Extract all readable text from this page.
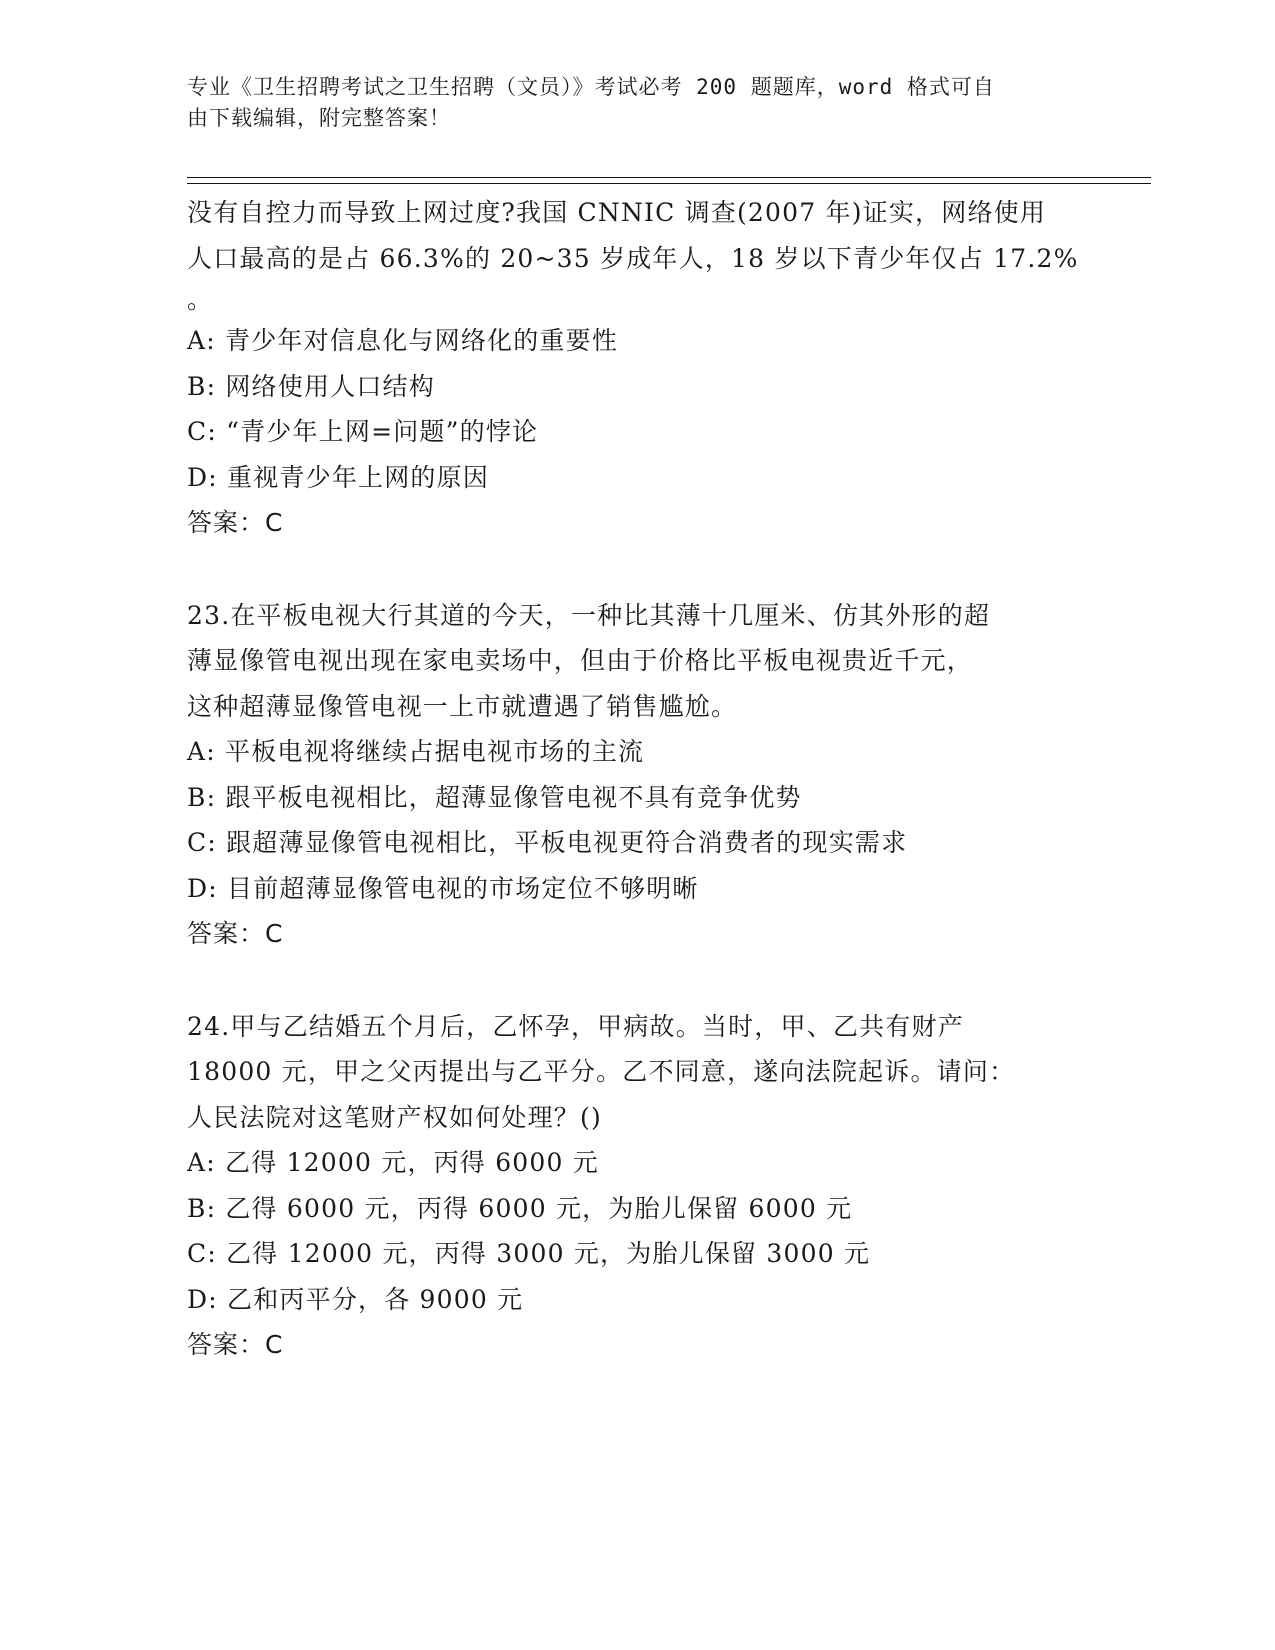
专业《卫生招聘考试之卫生招聘（文员）》考试必考 200 题题库，word 格式可自
由下载编辑，附完整答案！
没有自控力而导致上网过度?我国 CNNIC 调查(2007 年)证实，网络使用
人口最高的是占 66.3%的 20~35 岁成年人，18 岁以下青少年仅占 17.2%
。
A: 青少年对信息化与网络化的重要性
B: 网络使用人口结构
C: “青少年上网=问题”的悖论
D: 重视青少年上网的原因
答案：C
23.在平板电视大行其道的今天，一种比其薄十几厘米、仿其外形的超
薄显像管电视出现在家电卖场中，但由于价格比平板电视贵近千元，
这种超薄显像管电视一上市就遭遇了销售尴尬。
A: 平板电视将继续占据电视市场的主流
B: 跟平板电视相比，超薄显像管电视不具有竞争优势
C: 跟超薄显像管电视相比，平板电视更符合消费者的现实需求
D: 目前超薄显像管电视的市场定位不够明晰
答案：C
24.甲与乙结婚五个月后，乙怀孕，甲病故。当时，甲、乙共有财产
18000 元，甲之父丙提出与乙平分。乙不同意，遂向法院起诉。请问：
人民法院对这笔财产权如何处理？()
A: 乙得 12000 元，丙得 6000 元
B: 乙得 6000 元，丙得 6000 元，为胎儿保留 6000 元
C: 乙得 12000 元，丙得 3000 元，为胎儿保留 3000 元
D: 乙和丙平分，各 9000 元
答案：C
